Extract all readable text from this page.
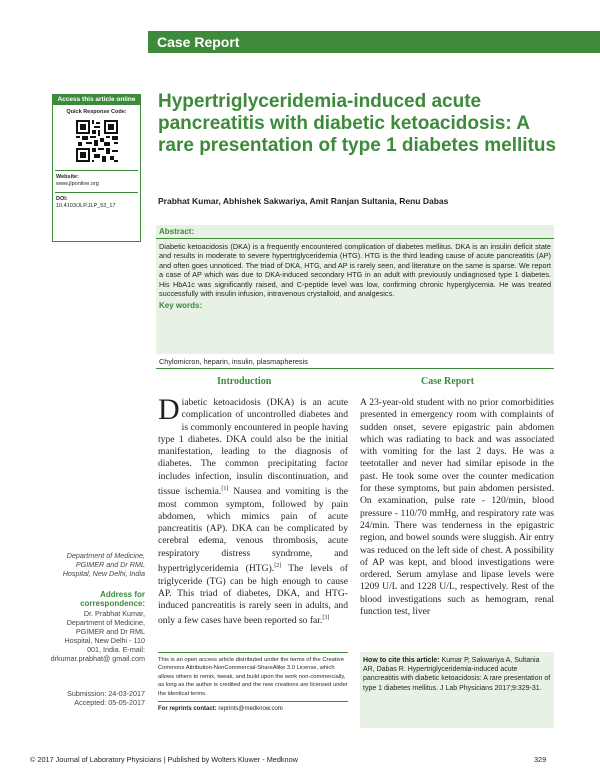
Case Report
Access this article online
Quick Response Code:
Website:
www.jlponline.org
DOI:
10.4103/JLP.JLP_53_17
Hypertriglyceridemia-induced acute pancreatitis with diabetic ketoacidosis: A rare presentation of type 1 diabetes mellitus
Prabhat Kumar, Abhishek Sakwariya, Amit Ranjan Sultania, Renu Dabas
Abstract:
Diabetic ketoacidosis (DKA) is a frequently encountered complication of diabetes mellitus. DKA is an insulin deficit state and results in moderate to severe hypertriglyceridemia (HTG). HTG is the third leading cause of acute pancreatitis (AP) and often goes unnoticed. The triad of DKA, HTG, and AP is rarely seen, and literature on the same is sparse. We report a case of AP which was due to DKA-induced secondary HTG in an adult with previously undiagnosed type 1 diabetes. His HbA1c was significantly raised, and C-peptide level was low, confirming chronic hyperglycemia. He was treated successfully with insulin infusion, intravenous crystalloid, and analgesics.
Key words:
Chylomicron, heparin, insulin, plasmapheresis
Introduction	Case Report
Diabetic ketoacidosis (DKA) is an acute complication of uncontrolled diabetes and is commonly encountered in people having type 1 diabetes. DKA could also be the initial manifestation, leading to the diagnosis of diabetes. The common precipitating factor includes infection, insulin discontinuation, and tissue ischemia.[1] Nausea and vomiting is the most common symptom, followed by pain abdomen, which mimics pain of acute pancreatitis (AP). DKA can be complicated by cerebral edema, venous thrombosis, acute respiratory distress syndrome, and hypertriglyceridemia (HTG).[2] The levels of triglyceride (TG) can be high enough to cause AP. This triad of diabetes, DKA, and HTG-induced pancreatitis is rarely seen in adults, and only a few cases have been reported so far.[3]
A 23-year-old student with no prior comorbidities presented in emergency room with complaints of sudden onset, severe epigastric pain abdomen which was radiating to back and was associated with vomiting for the last 2 days. He was a teetotaller and never had similar episode in the past. He took some over the counter medication for these symptoms, but pain abdomen persisted. On examination, pulse rate - 120/min, blood pressure - 110/70 mmHg, and respiratory rate was 24/min. There was tenderness in the epigastric region, and bowel sounds were sluggish. Air entry was reduced on the left side of chest. A possibility of AP was kept, and blood investigations were ordered. Serum amylase and lipase levels were 1209 U/L and 1228 U/L, respectively. Rest of the blood investigations such as hemogram, renal function test, liver
Department of Medicine, PGIMER and Dr RML Hospital, New Delhi, India
Address for correspondence:
Dr. Prabhat Kumar, Department of Medicine, PGIMER and Dr RML Hospital, New Delhi - 110 001, India. E-mail: drkumar.prabhat@ gmail.com
Submission: 24-03-2017
Accepted: 05-05-2017
This is an open access article distributed under the terms of the Creative Commons Attribution-NonCommercial-ShareAlike 3.0 License, which allows others to remix, tweak, and build upon the work non-commercially, as long as the author is credited and the new creations are licensed under the identical terms.
For reprints contact: reprints@medknow.com
How to cite this article: Kumar P, Sakwariya A, Sultania AR, Dabas R. Hypertriglyceridemia-induced acute pancreatitis with diabetic ketoacidosis: A rare presentation of type 1 diabetes mellitus. J Lab Physicians 2017;9:329-31.
© 2017 Journal of Laboratory Physicians | Published by Wolters Kluwer - Medknow	329
